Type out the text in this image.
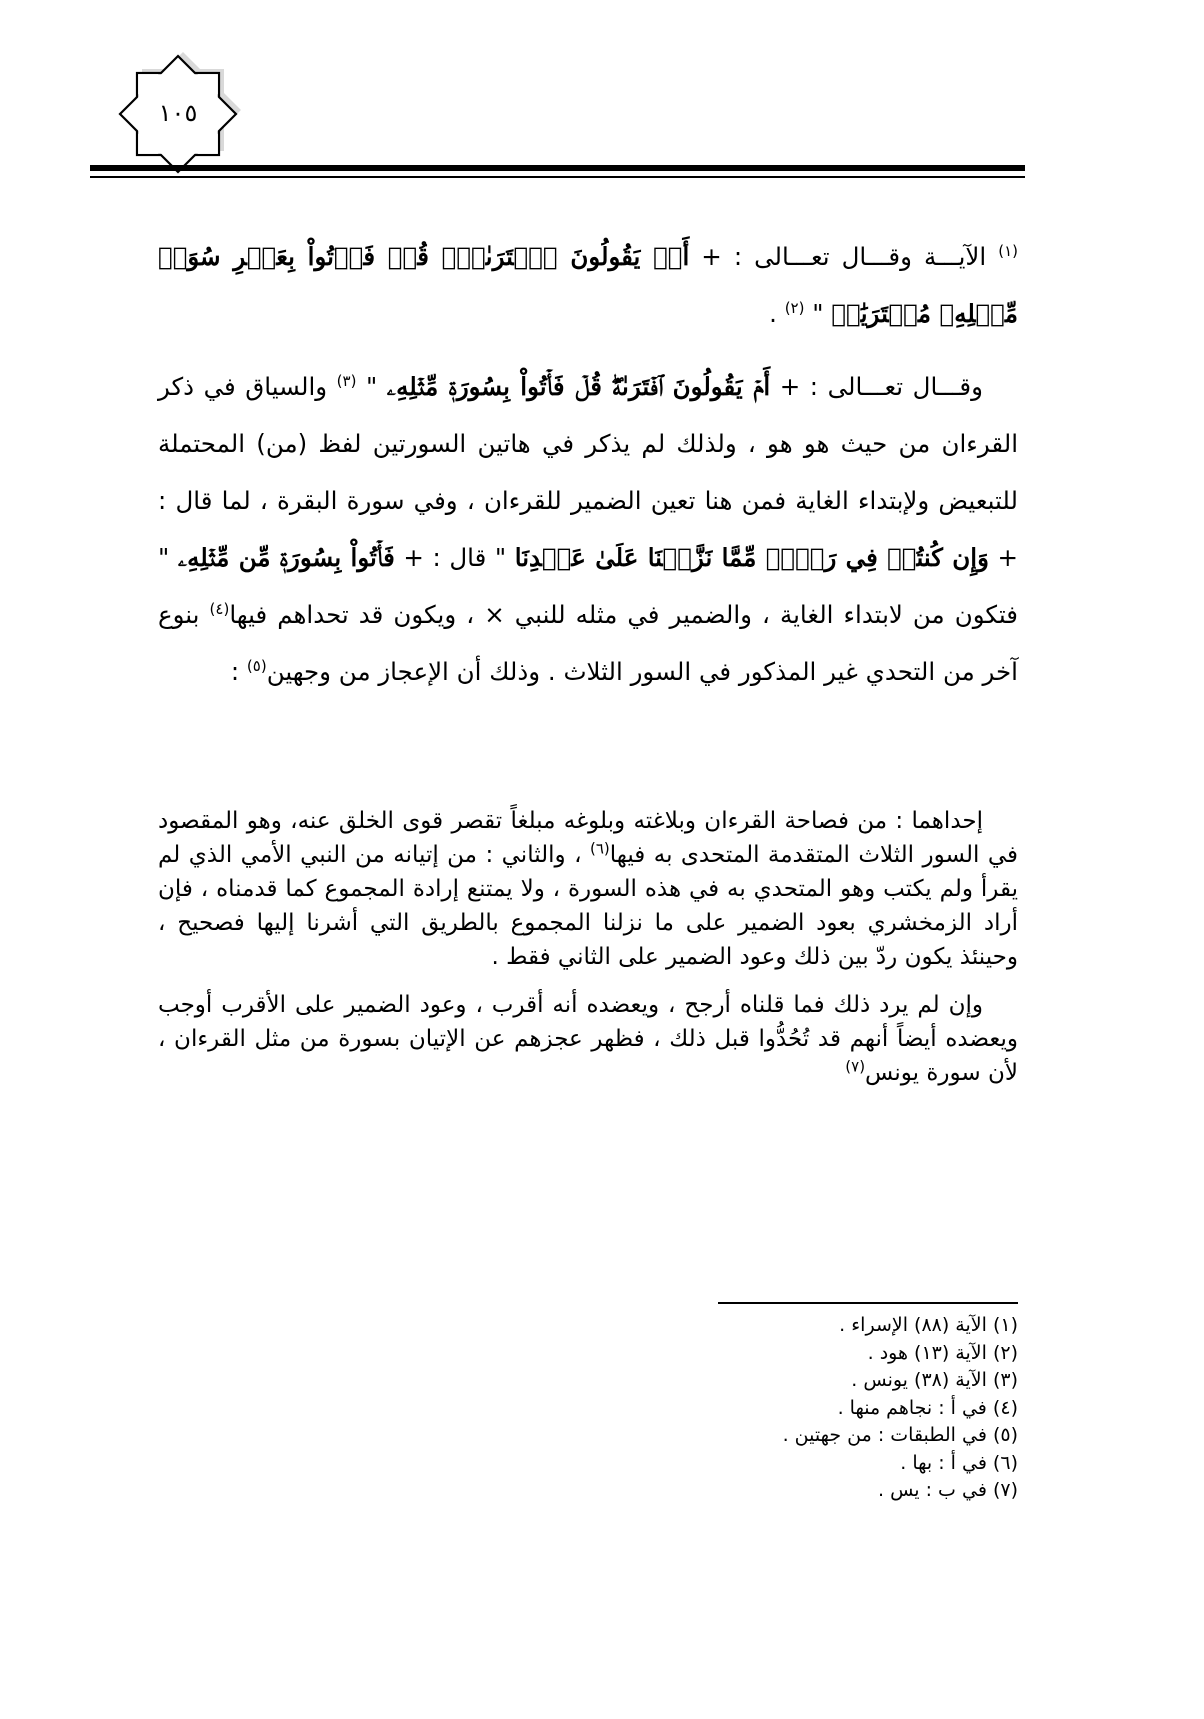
١٠٥

$^{(١)}$ الآيـــة وقـــال تعـــالى : + أَمۡ يَقُولُونَ ٱفۡتَرَىٰهُۖ قُلۡ فَأۡتُواْ بِعَشۡرِ سُوَرٖ مِّثۡلِهِۦ مُفۡتَرَيَٰتٖ " $^{(٢)}$ .

وقـــال تعـــالى : + أَمۡ يَقُولُونَ ٱفۡتَرَىٰهُۖ قُلۡ فَأۡتُواْ بِسُورَةٖ مِّثۡلِهِۦ " $^{(٣)}$ والسياق في ذكر القرءان من حيث هو هو ، ولذلك لم يذكر في هاتين السورتين لفظ (من) المحتملة للتبعيض ولإبتداء الغاية فمن هنا تعين الضمير للقرءان ، وفي سورة البقرة ، لما قال : + وَإِن كُنتُمۡ فِي رَيۡبٖ مِّمَّا نَزَّلۡنَا عَلَىٰ عَبۡدِنَا " قال : + فَأۡتُواْ بِسُورَةٖ مِّن مِّثۡلِهِۦ " فتكون من لابتداء الغاية ، والضمير في مثله للنبي × ، ويكون قد تحداهم فيها$^{(٤)}$ بنوع آخر من التحدي غير المذكور في السور الثلاث . وذلك أن الإعجاز من وجهين$^{(٥)}$ :

إحداهما : من فصاحة القرءان وبلاغته وبلوغه مبلغاً تقصر قوى الخلق عنه، وهو المقصود في السور الثلاث المتقدمة المتحدى به فيها$^{(٦)}$ ، والثاني : من إتيانه من النبي الأمي الذي لم يقرأ ولم يكتب وهو المتحدي به في هذه السورة ، ولا يمتنع إرادة المجموع كما قدمناه ، فإن أراد الزمخشري بعود الضمير على ما نزلنا المجموع بالطريق التي أشرنا إليها فصحيح ، وحينئذ يكون ردّ بين ذلك وعود الضمير على الثاني فقط .

وإن لم يرد ذلك فما قلناه أرجح ، ويعضده أنه أقرب ، وعود الضمير على الأقرب أوجب ويعضده أيضاً أنهم قد تُحُدُّوا قبل ذلك ، فظهر عجزهم عن الإتيان بسورة من مثل القرءان ، لأن سورة يونس$^{(٧)}$

(١) الآية (٨٨) الإسراء .
(٢) الآية (١٣) هود .
(٣) الآية (٣٨) يونس .
(٤) في أ : نجاهم منها .
(٥) في الطبقات : من جهتين .
(٦) في أ : بها .
(٧) في ب : يس .
